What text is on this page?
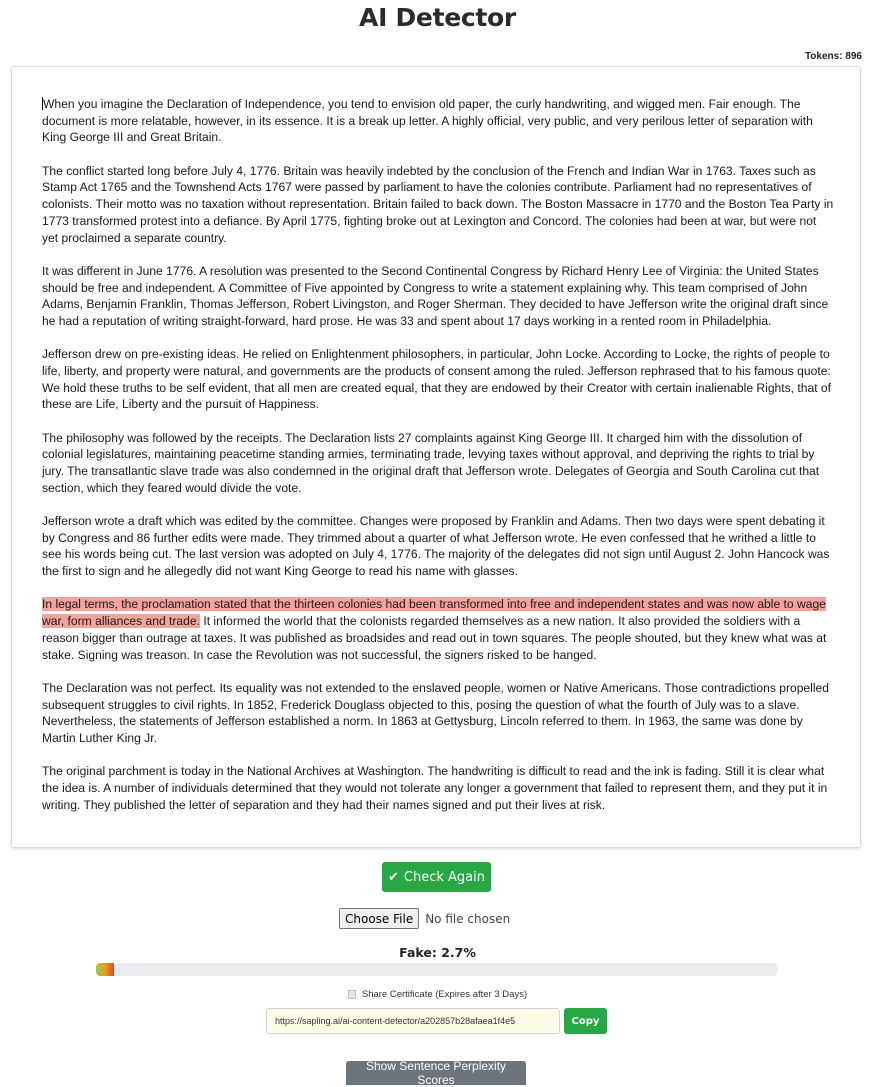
AI Detector
Tokens: 896

When you imagine the Declaration of Independence, you tend to envision old paper, the curly handwriting, and wigged men. Fair enough. The document is more relatable, however, in its essence. It is a break up letter. A highly official, very public, and very perilous letter of separation with King George III and Great Britain.

The conflict started long before July 4, 1776. Britain was heavily indebted by the conclusion of the French and Indian War in 1763. Taxes such as Stamp Act 1765 and the Townshend Acts 1767 were passed by parliament to have the colonies contribute. Parliament had no representatives of colonists. Their motto was no taxation without representation. Britain failed to back down. The Boston Massacre in 1770 and the Boston Tea Party in 1773 transformed protest into a defiance. By April 1775, fighting broke out at Lexington and Concord. The colonies had been at war, but were not yet proclaimed a separate country.

It was different in June 1776. A resolution was presented to the Second Continental Congress by Richard Henry Lee of Virginia: the United States should be free and independent. A Committee of Five appointed by Congress to write a statement explaining why. This team comprised of John Adams, Benjamin Franklin, Thomas Jefferson, Robert Livingston, and Roger Sherman. They decided to have Jefferson write the original draft since he had a reputation of writing straight-forward, hard prose. He was 33 and spent about 17 days working in a rented room in Philadelphia.

Jefferson drew on pre-existing ideas. He relied on Enlightenment philosophers, in particular, John Locke. According to Locke, the rights of people to life, liberty, and property were natural, and governments are the products of consent among the ruled. Jefferson rephrased that to his famous quote: We hold these truths to be self evident, that all men are created equal, that they are endowed by their Creator with certain inalienable Rights, that of these are Life, Liberty and the pursuit of Happiness.

The philosophy was followed by the receipts. The Declaration lists 27 complaints against King George III. It charged him with the dissolution of colonial legislatures, maintaining peacetime standing armies, terminating trade, levying taxes without approval, and depriving the rights to trial by jury. The transatlantic slave trade was also condemned in the original draft that Jefferson wrote. Delegates of Georgia and South Carolina cut that section, which they feared would divide the vote.

Jefferson wrote a draft which was edited by the committee. Changes were proposed by Franklin and Adams. Then two days were spent debating it by Congress and 86 further edits were made. They trimmed about a quarter of what Jefferson wrote. He even confessed that he writhed a little to see his words being cut. The last version was adopted on July 4, 1776. The majority of the delegates did not sign until August 2. John Hancock was the first to sign and he allegedly did not want King George to read his name with glasses.

In legal terms, the proclamation stated that the thirteen colonies had been transformed into free and independent states and was now able to wage war, form alliances and trade. It informed the world that the colonists regarded themselves as a new nation. It also provided the soldiers with a reason bigger than outrage at taxes. It was published as broadsides and read out in town squares. The people shouted, but they knew what was at stake. Signing was treason. In case the Revolution was not successful, the signers risked to be hanged.

The Declaration was not perfect. Its equality was not extended to the enslaved people, women or Native Americans. Those contradictions propelled subsequent struggles to civil rights. In 1852, Frederick Douglass objected to this, posing the question of what the fourth of July was to a slave. Nevertheless, the statements of Jefferson established a norm. In 1863 at Gettysburg, Lincoln referred to them. In 1963, the same was done by Martin Luther King Jr.

The original parchment is today in the National Archives at Washington. The handwriting is difficult to read and the ink is fading. Still it is clear what the idea is. A number of individuals determined that they would not tolerate any longer a government that failed to represent them, and they put it in writing. They published the letter of separation and they had their names signed and put their lives at risk.

✔ Check Again
Choose File	No file chosen
Fake: 2.7%
Share Certificate (Expires after 3 Days)
https://sapling.ai/ai-content-detector/a202857b28afaea1f4e5
Copy
Show Sentence Perplexity Scores
